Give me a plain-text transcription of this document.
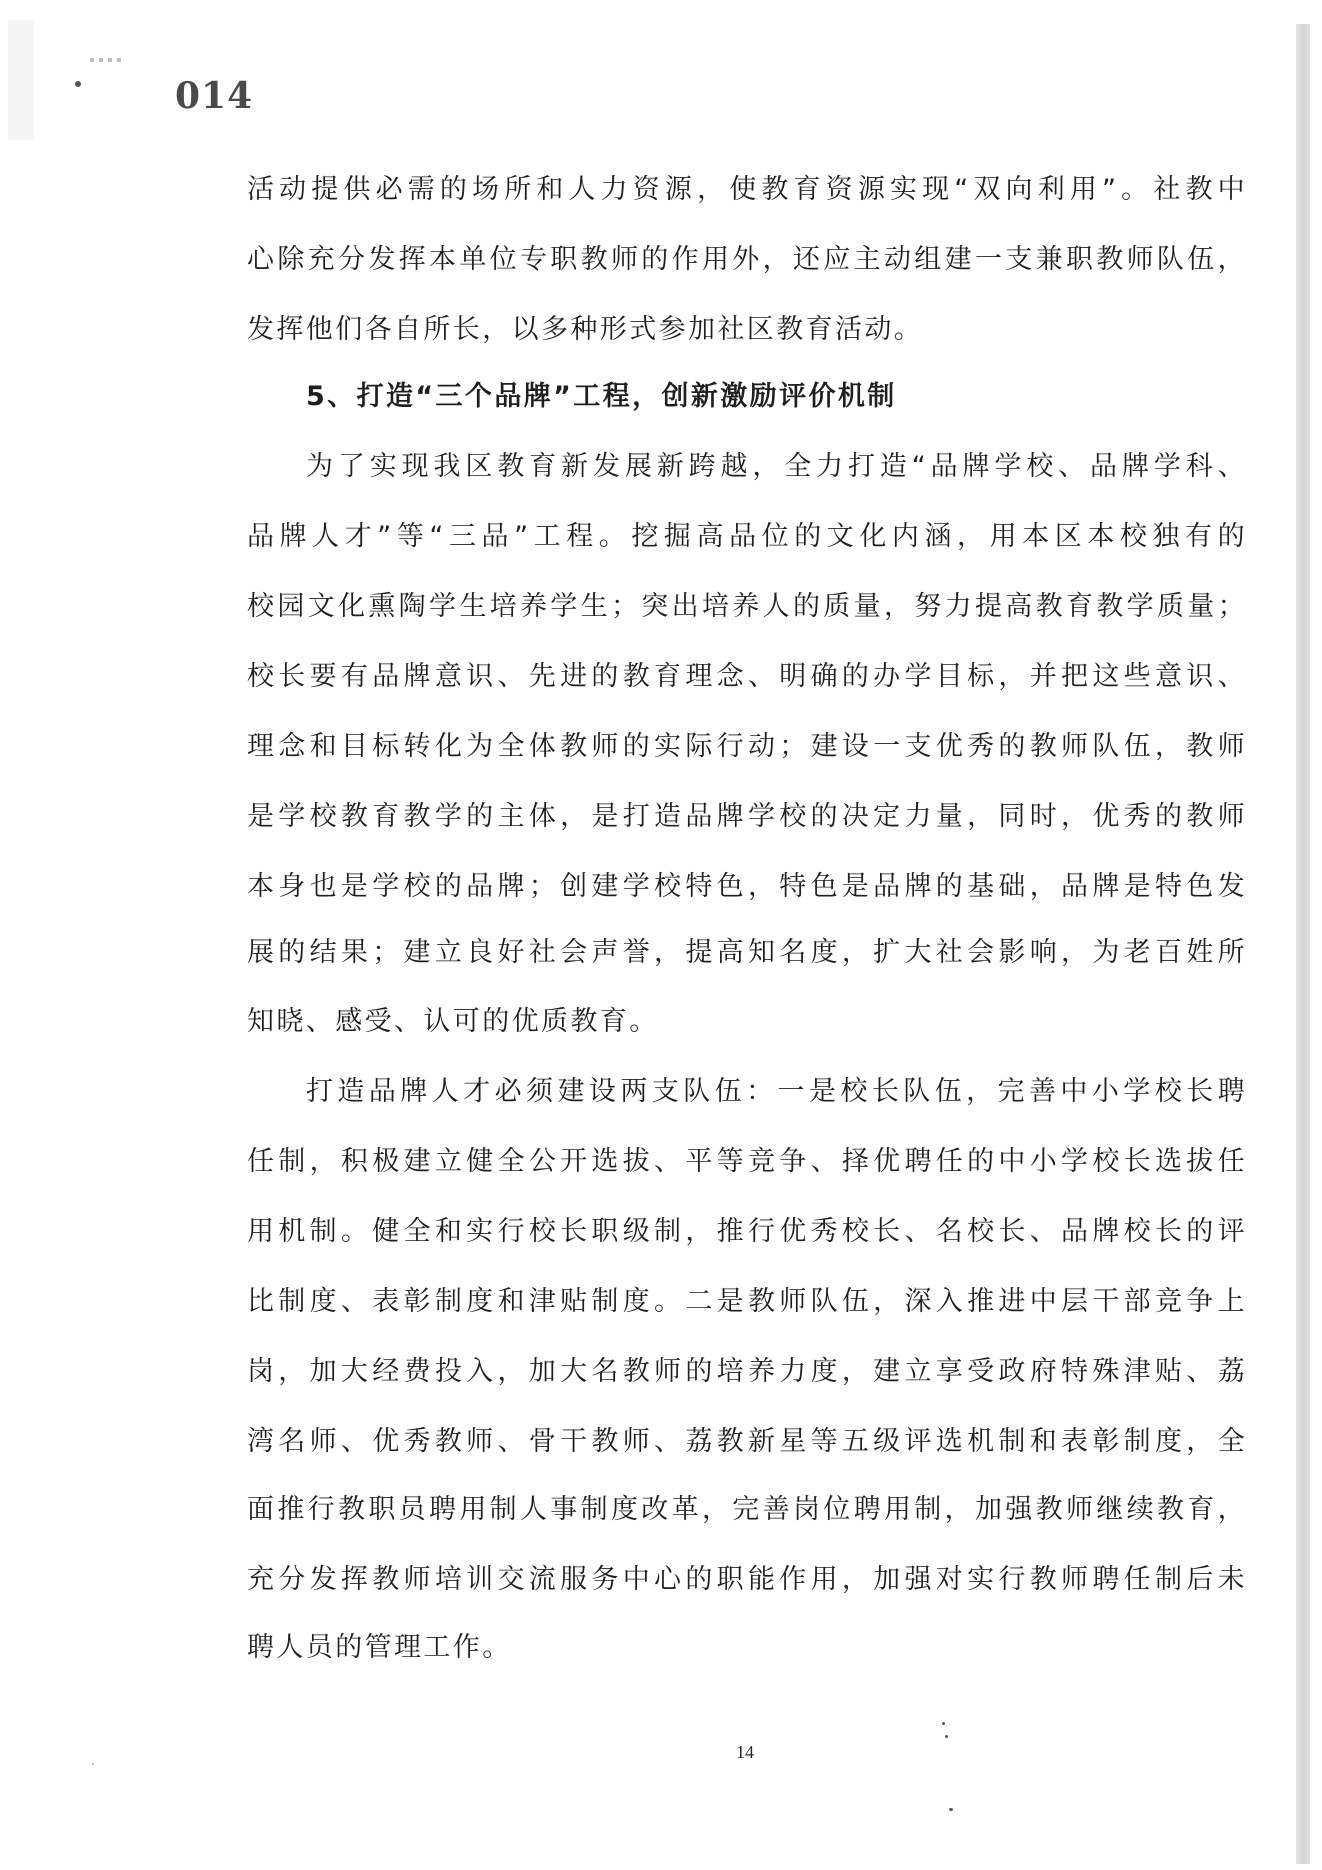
014
活动提供必需的场所和人力资源，使教育资源实现“双向利用”。社教中
心除充分发挥本单位专职教师的作用外，还应主动组建一支兼职教师队伍，
发挥他们各自所长，以多种形式参加社区教育活动。
5、打造“三个品牌”工程，创新激励评价机制
为了实现我区教育新发展新跨越，全力打造“品牌学校、品牌学科、
品牌人才”等“三品”工程。挖掘高品位的文化内涵，用本区本校独有的
校园文化熏陶学生培养学生；突出培养人的质量，努力提高教育教学质量；
校长要有品牌意识、先进的教育理念、明确的办学目标，并把这些意识、
理念和目标转化为全体教师的实际行动；建设一支优秀的教师队伍，教师
是学校教育教学的主体，是打造品牌学校的决定力量，同时，优秀的教师
本身也是学校的品牌；创建学校特色，特色是品牌的基础，品牌是特色发
展的结果；建立良好社会声誉，提高知名度，扩大社会影响，为老百姓所
知晓、感受、认可的优质教育。
打造品牌人才必须建设两支队伍：一是校长队伍，完善中小学校长聘
任制，积极建立健全公开选拔、平等竞争、择优聘任的中小学校长选拔任
用机制。健全和实行校长职级制，推行优秀校长、名校长、品牌校长的评
比制度、表彰制度和津贴制度。二是教师队伍，深入推进中层干部竞争上
岗，加大经费投入，加大名教师的培养力度，建立享受政府特殊津贴、荔
湾名师、优秀教师、骨干教师、荔教新星等五级评选机制和表彰制度，全
面推行教职员聘用制人事制度改革，完善岗位聘用制，加强教师继续教育，
充分发挥教师培训交流服务中心的职能作用，加强对实行教师聘任制后未
聘人员的管理工作。
14
